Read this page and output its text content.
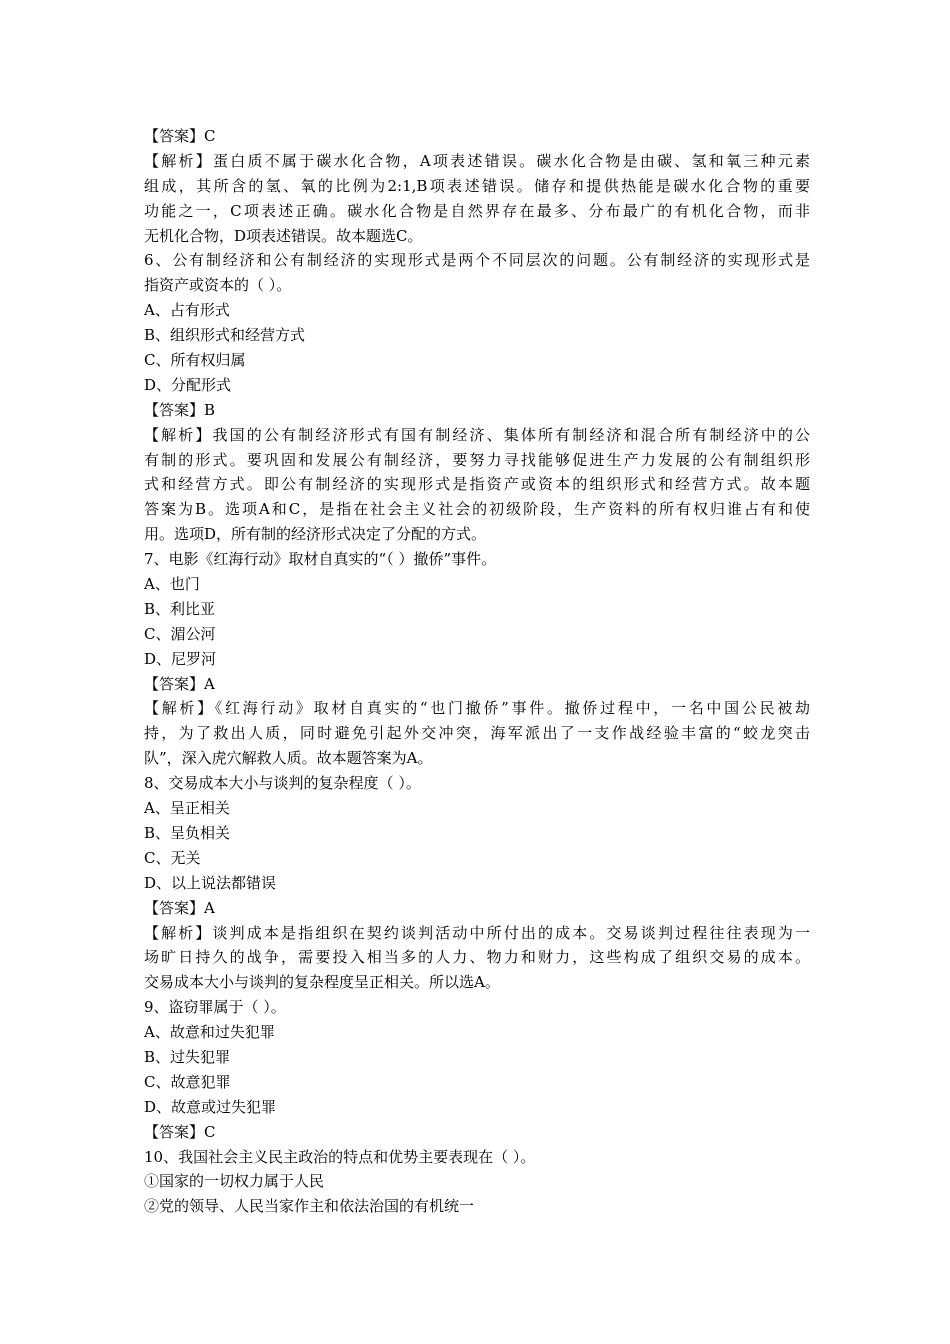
【答案】C
【解析】蛋白质不属于碳水化合物，A项表述错误。碳水化合物是由碳、氢和氧三种元素
组成，其所含的氢、氧的比例为2:1,B项表述错误。储存和提供热能是碳水化合物的重要
功能之一，C项表述正确。碳水化合物是自然界存在最多、分布最广的有机化合物，而非
无机化合物，D项表述错误。故本题选C。
6、公有制经济和公有制经济的实现形式是两个不同层次的问题。公有制经济的实现形式是
指资产或资本的（ ）。
A、占有形式
B、组织形式和经营方式
C、所有权归属
D、分配形式
【答案】B
【解析】我国的公有制经济形式有国有制经济、集体所有制经济和混合所有制经济中的公
有制的形式。要巩固和发展公有制经济，要努力寻找能够促进生产力发展的公有制组织形
式和经营方式。即公有制经济的实现形式是指资产或资本的组织形式和经营方式。故本题
答案为B。选项A和C，是指在社会主义社会的初级阶段，生产资料的所有权归谁占有和使
用。选项D，所有制的经济形式决定了分配的方式。
7、电影《红海行动》取材自真实的“（ ）撤侨”事件。
A、也门
B、利比亚
C、湄公河
D、尼罗河
【答案】A
【解析】《红海行动》取材自真实的“也门撤侨”事件。撤侨过程中，一名中国公民被劫
持，为了救出人质，同时避免引起外交冲突，海军派出了一支作战经验丰富的“蛟龙突击
队”，深入虎穴解救人质。故本题答案为A。
8、交易成本大小与谈判的复杂程度（ ）。
A、呈正相关
B、呈负相关
C、无关
D、以上说法都错误
【答案】A
【解析】谈判成本是指组织在契约谈判活动中所付出的成本。交易谈判过程往往表现为一
场旷日持久的战争，需要投入相当多的人力、物力和财力，这些构成了组织交易的成本。
交易成本大小与谈判的复杂程度呈正相关。所以选A。
9、盗窃罪属于（ ）。
A、故意和过失犯罪
B、过失犯罪
C、故意犯罪
D、故意或过失犯罪
【答案】C
10、我国社会主义民主政治的特点和优势主要表现在（ ）。
①国家的一切权力属于人民
②党的领导、人民当家作主和依法治国的有机统一
